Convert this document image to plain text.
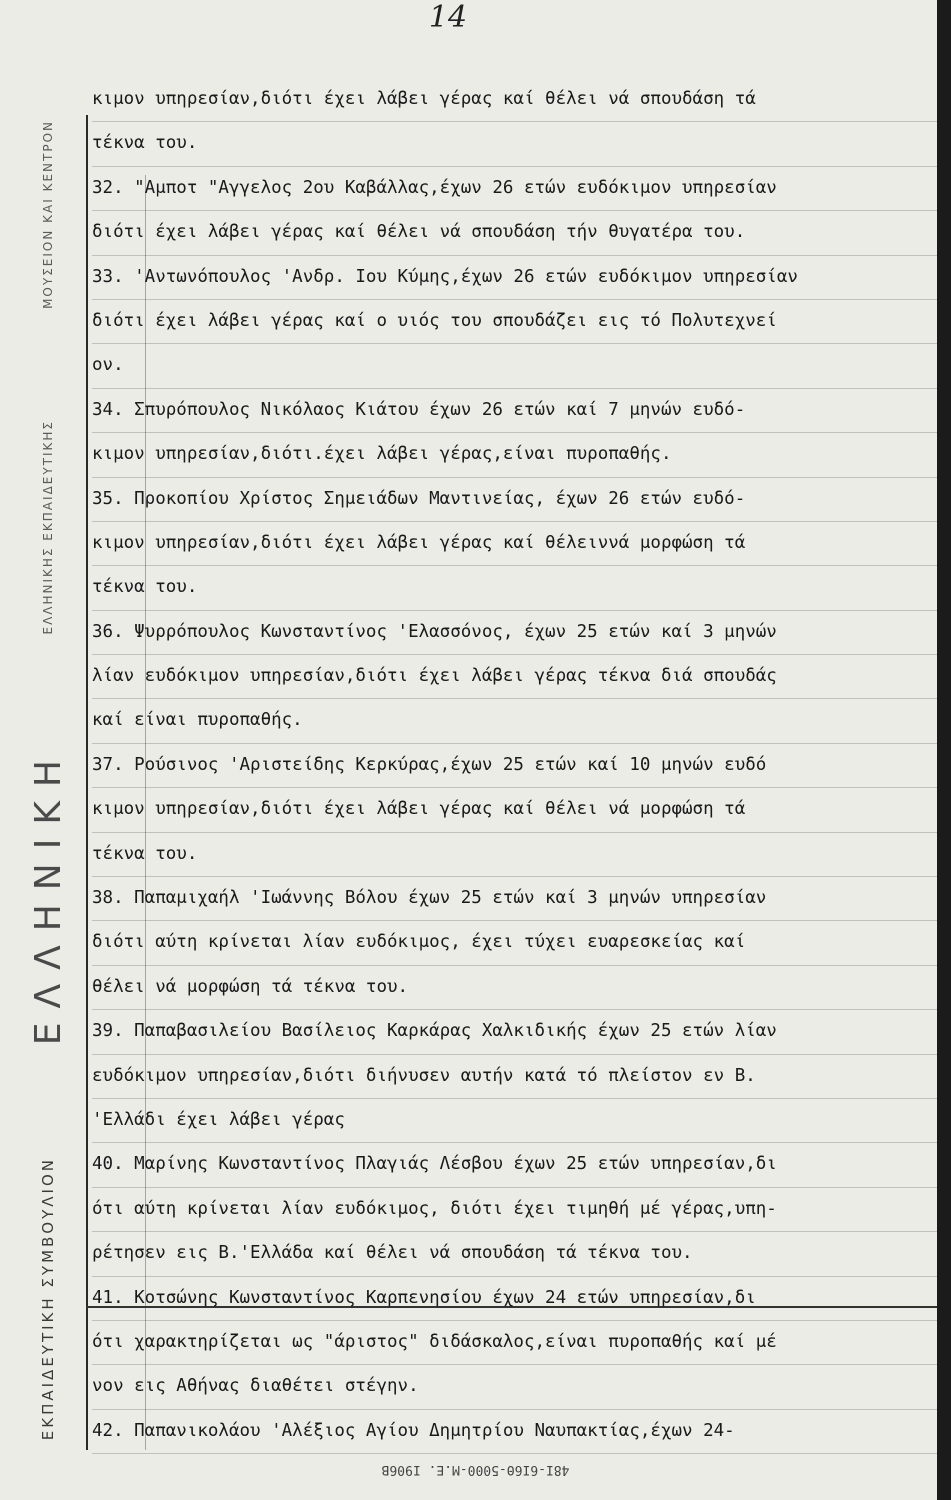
14
ΜΟΥΣΕΙΟΝ ΚΑΙ ΚΕΝΤΡΟΝ
ΕΛΛΗΝΙΚΗΣ ΕΚΠΑΙΔΕΥΤΙΚΗΣ
ΕΛΛΗΝΙΚΗ
ΕΚΠΑΙΔΕΥΤΙΚΗ ΣΥΜΒΟΥΛΙΟΝ
κιμον υπηρεσίαν,διότι έχει λάβει γέρας καί θέλει νά σπουδάση τά
τέκνα του.
32. "Αμποτ "Αγγελος 2ου Καβάλλας,έχων 26 ετών ευδόκιμον υπηρεσίαν
διότι έχει λάβει γέρας καί θέλει νά σπουδάση τήν θυγατέρα του.
33. 'Αντωνόπουλος 'Ανδρ. Ιου Κύμης,έχων 26 ετών ευδόκιμον υπηρεσίαν
διότι έχει λάβει γέρας καί ο υιός του σπουδάζει εις τό Πολυτεχνεί
ον.
34. Σπυρόπουλος Νικόλαος Κιάτου έχων 26 ετών καί 7 μηνών ευδό-
κιμον υπηρεσίαν,διότι.έχει λάβει γέρας,είναι πυροπαθής.
35. Προκοπίου Χρίστος Σημειάδων Μαντινείας, έχων 26 ετών ευδό-
κιμον υπηρεσίαν,διότι έχει λάβει γέρας καί θέλειννά μορφώση τά
τέκνα του.
36. Ψυρρόπουλος Κωνσταντίνος 'Ελασσόνος, έχων 25 ετών καί 3 μηνών
λίαν ευδόκιμον υπηρεσίαν,διότι έχει λάβει γέρας τέκνα διά σπουδάς
καί είναι πυροπαθής.
37. Ρούσινος 'Αριστείδης Κερκύρας,έχων 25 ετών καί 10 μηνών ευδό
κιμον υπηρεσίαν,διότι έχει λάβει γέρας καί θέλει νά μορφώση τά
τέκνα του.
38. Παπαμιχαήλ 'Ιωάννης Βόλου έχων 25 ετών καί 3 μηνών υπηρεσίαν
διότι αύτη κρίνεται λίαν ευδόκιμος, έχει τύχει ευαρεσκείας καί
θέλει νά μορφώση τά τέκνα του.
39. Παπαβασιλείου Βασίλειος Καρκάρας Χαλκιδικής έχων 25 ετών λίαν
ευδόκιμον υπηρεσίαν,διότι διήνυσεν αυτήν κατά τό πλείστον εν Β.
'Ελλάδι έχει λάβει γέρας
40. Μαρίνης Κωνσταντίνος Πλαγιάς Λέσβου έχων 25 ετών υπηρεσίαν,δι
ότι αύτη κρίνεται λίαν ευδόκιμος, διότι έχει τιμηθή μέ γέρας,υπη-
ρέτησεν εις Β.'Ελλάδα καί θέλει νά σπουδάση τά τέκνα του.
41. Κοτσώνης Κωνσταντίνος Καρπενησίου έχων 24 ετών υπηρεσίαν,δι
ότι χαρακτηρίζεται ως "άριστος" διδάσκαλος,είναι πυροπαθής καί μέ
νον εις Αθήνας διαθέτει στέγην.
42. Παπανικολάου 'Αλέξιος Αγίου Δημητρίου Ναυπακτίας,έχων 24-
48Ι-6Ι6Θ-5000-Μ.Ε. Ι906Β
